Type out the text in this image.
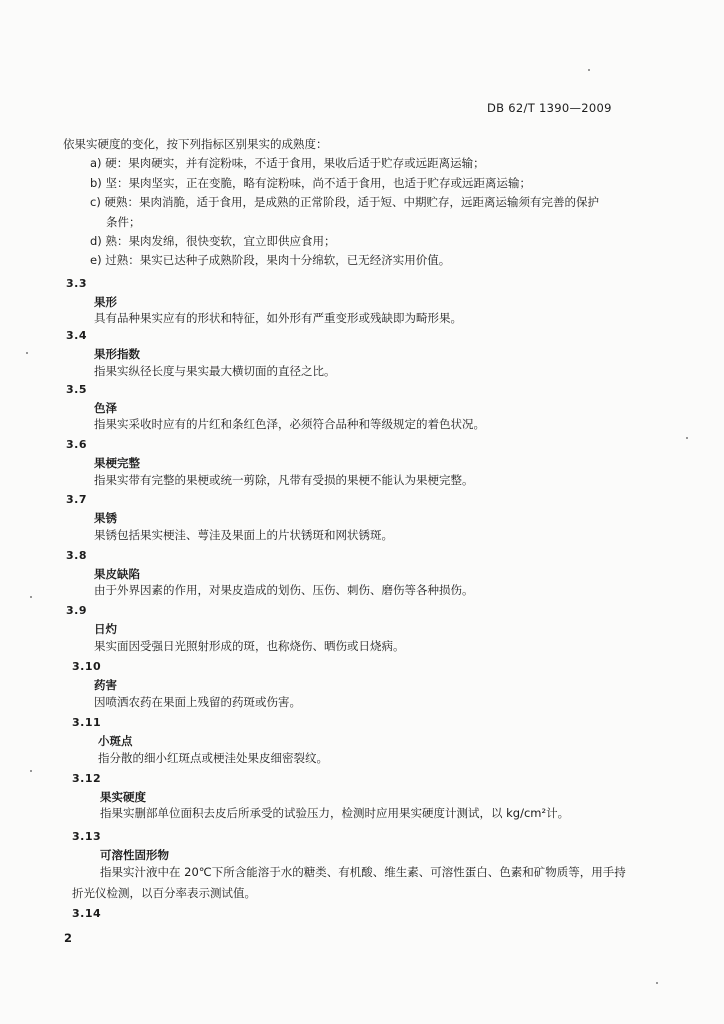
DB 62/T 1390—2009
依果实硬度的变化，按下列指标区别果实的成熟度：
a) 硬：果肉硬实，并有淀粉味，不适于食用，果收后适于贮存或远距离运输；
b) 坚：果肉坚实，正在变脆，略有淀粉味，尚不适于食用，也适于贮存或远距离运输；
c) 硬熟：果肉消脆，适于食用，是成熟的正常阶段，适于短、中期贮存，远距离运输须有完善的保护
条件；
d) 熟：果肉发绵，很快变软，宜立即供应食用；
e) 过熟：果实已达种子成熟阶段，果肉十分绵软，已无经济实用价值。
3.3
果形
具有品种果实应有的形状和特征，如外形有严重变形或残缺即为畸形果。
3.4
果形指数
指果实纵径长度与果实最大横切面的直径之比。
3.5
色泽
指果实采收时应有的片红和条红色泽，必须符合品种和等级规定的着色状况。
3.6
果梗完整
指果实带有完整的果梗或统一剪除，凡带有受损的果梗不能认为果梗完整。
3.7
果锈
果锈包括果实梗洼、萼洼及果面上的片状锈斑和网状锈斑。
3.8
果皮缺陷
由于外界因素的作用，对果皮造成的划伤、压伤、刺伤、磨伤等各种损伤。
3.9
日灼
果实面因受强日光照射形成的斑，也称烧伤、晒伤或日烧病。
3.10
药害
因喷洒农药在果面上残留的药斑或伤害。
3.11
小斑点
指分散的细小红斑点或梗洼处果皮细密裂纹。
3.12
果实硬度
指果实删部单位面积去皮后所承受的试验压力，检测时应用果实硬度计测试，以 kg/cm²计。
3.13
可溶性固形物
指果实汁液中在 20℃下所含能溶于水的糖类、有机酸、维生素、可溶性蛋白、色素和矿物质等，用手持
折光仪检测，以百分率表示测试值。
3.14
2
